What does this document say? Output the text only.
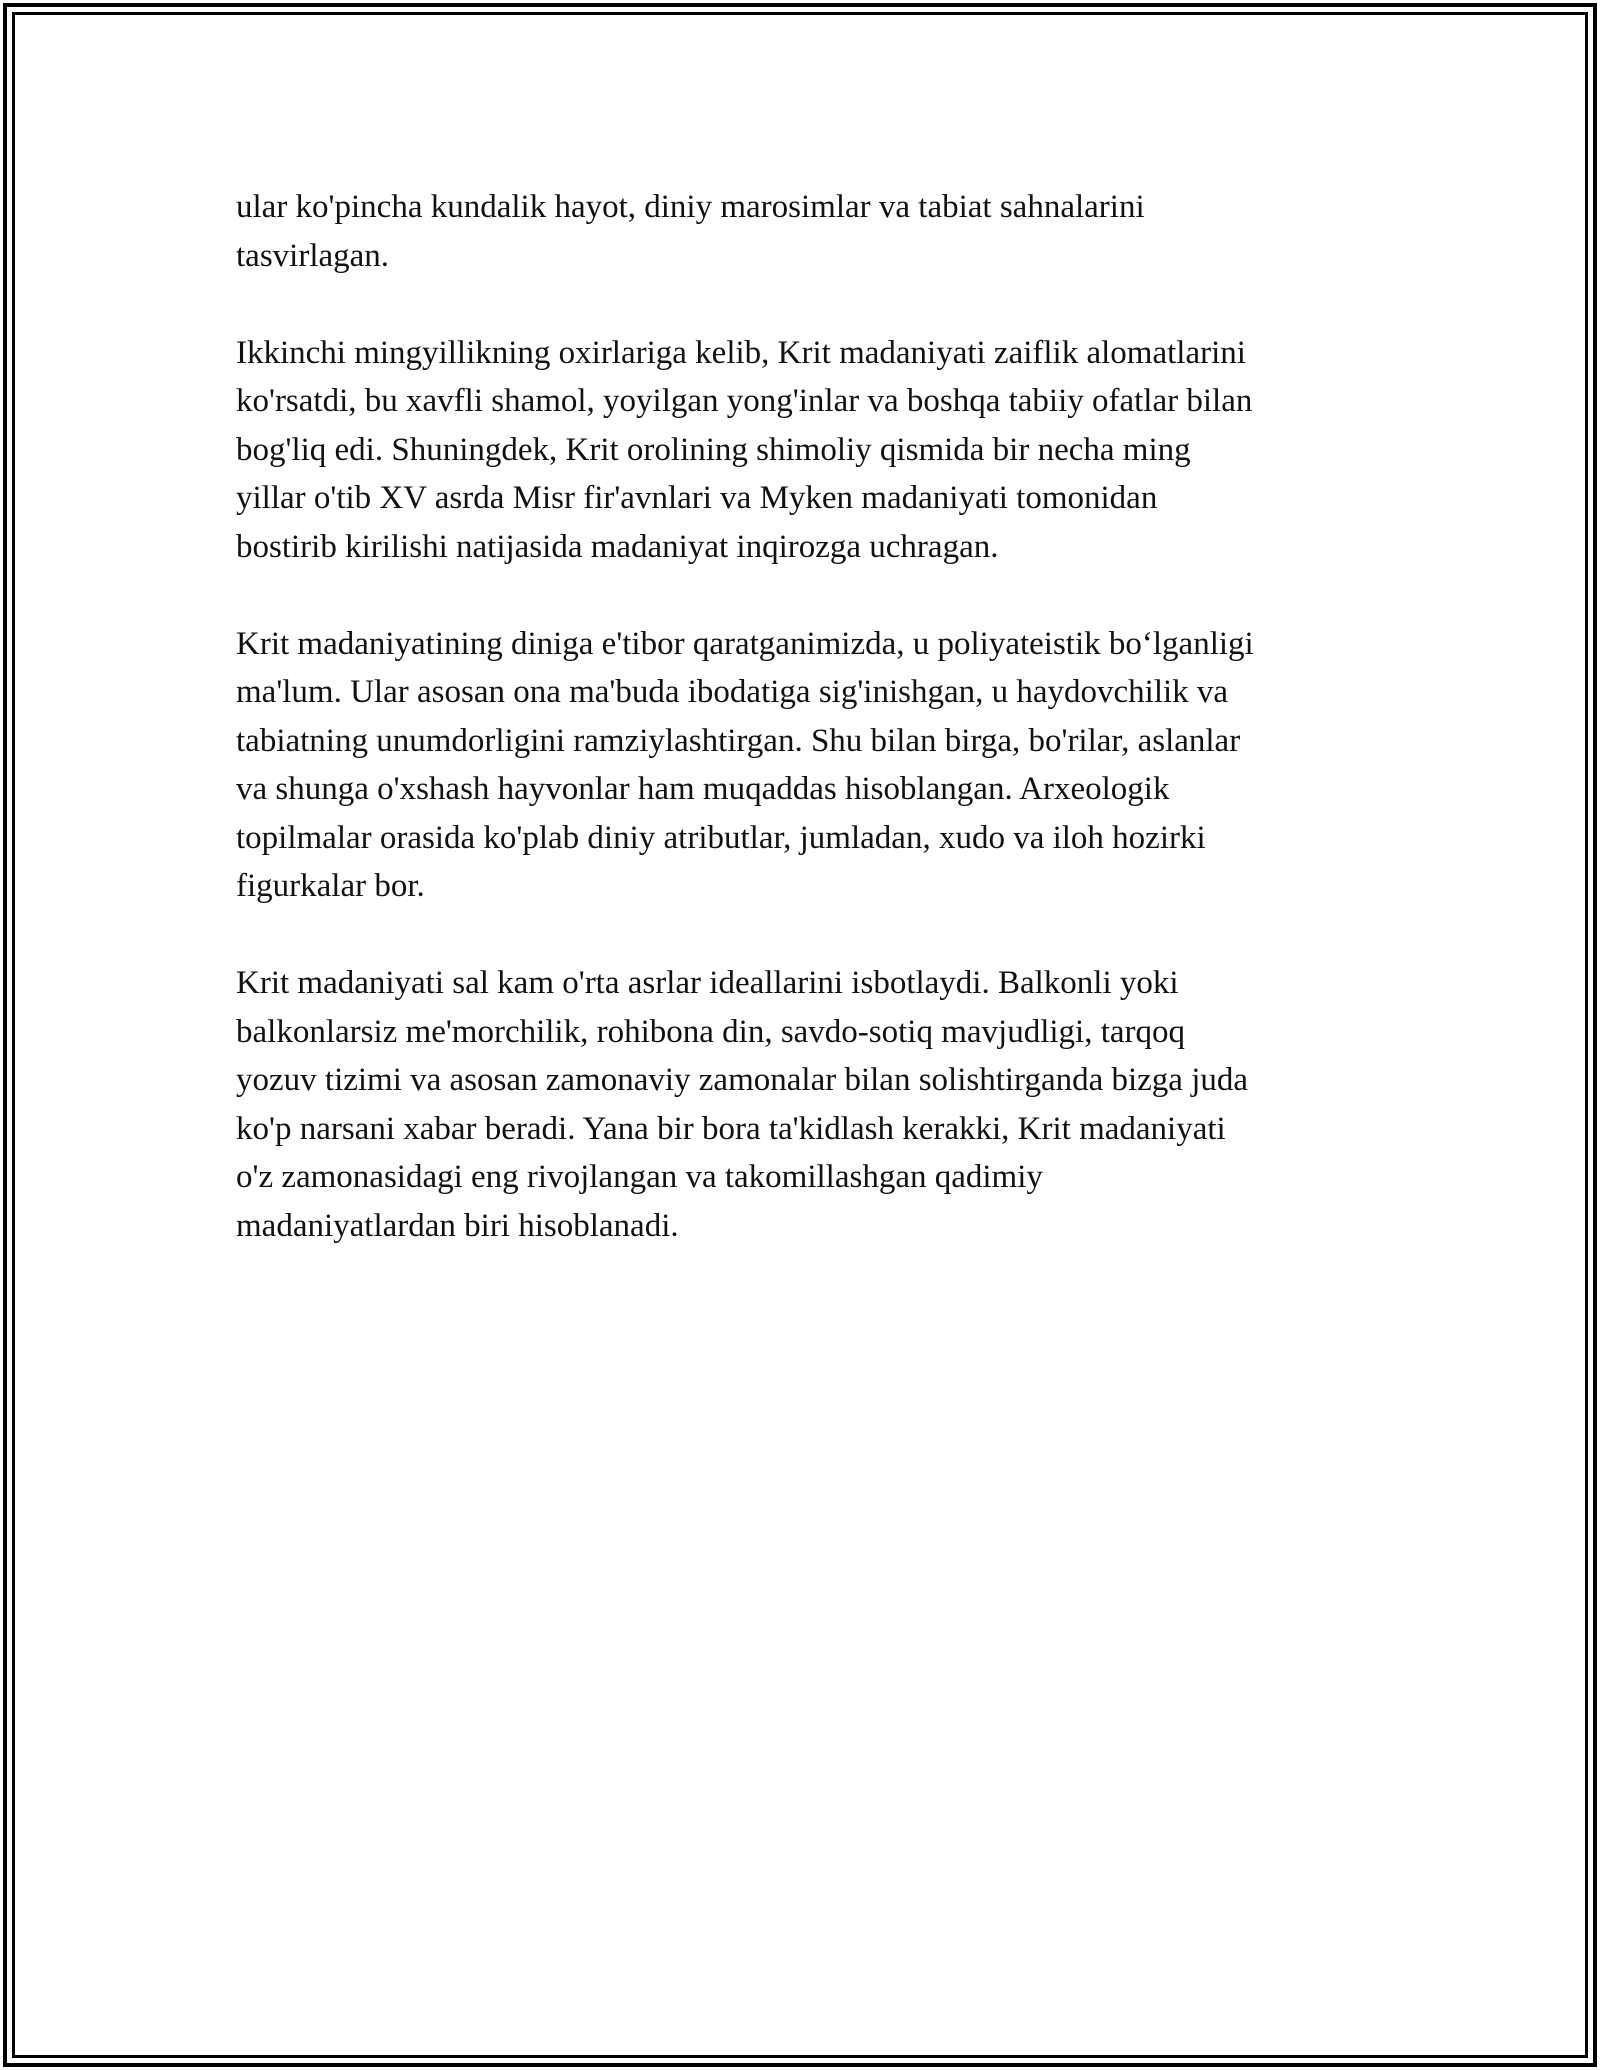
ular ko'pincha kundalik hayot, diniy marosimlar va tabiat sahnalarini
tasvirlagan.

Ikkinchi mingyillikning oxirlariga kelib, Krit madaniyati zaiflik alomatlarini
ko'rsatdi, bu xavfli shamol, yoyilgan yong'inlar va boshqa tabiiy ofatlar bilan
bog'liq edi. Shuningdek, Krit orolining shimoliy qismida bir necha ming
yillar o'tib XV asrda Misr fir'avnlari va Myken madaniyati tomonidan
bostirib kirilishi natijasida madaniyat inqirozga uchragan.

Krit madaniyatining diniga e'tibor qaratganimizda, u poliyateistik bo‘lganligi
ma'lum. Ular asosan ona ma'buda ibodatiga sig'inishgan, u haydovchilik va
tabiatning unumdorligini ramziylashtirgan. Shu bilan birga, bo'rilar, aslanlar
va shunga o'xshash hayvonlar ham muqaddas hisoblangan. Arxeologik
topilmalar orasida ko'plab diniy atributlar, jumladan, xudo va iloh hozirki
figurkalar bor.

Krit madaniyati sal kam o'rta asrlar ideallarini isbotlaydi. Balkonli yoki
balkonlarsiz me'morchilik, rohibona din, savdo-sotiq mavjudligi, tarqoq
yozuv tizimi va asosan zamonaviy zamonalar bilan solishtirganda bizga juda
ko'p narsani xabar beradi. Yana bir bora ta'kidlash kerakki, Krit madaniyati
o'z zamonasidagi eng rivojlangan va takomillashgan qadimiy
madaniyatlardan biri hisoblanadi.
